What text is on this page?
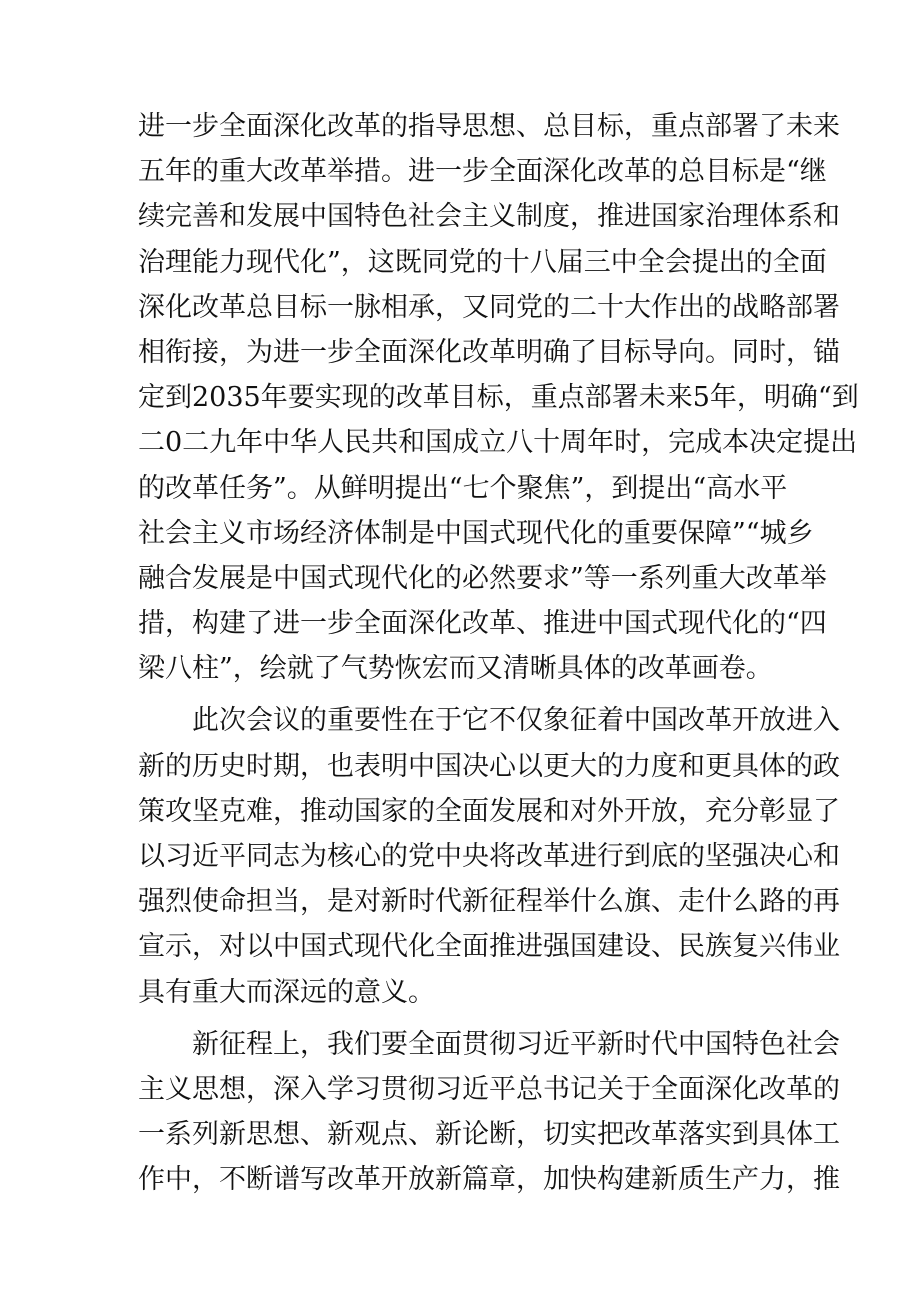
进一步全面深化改革的指导思想、总目标，重点部署了未来
五年的重大改革举措。进一步全面深化改革的总目标是“继
续完善和发展中国特色社会主义制度，推进国家治理体系和
治理能力现代化”，这既同党的十八届三中全会提出的全面
深化改革总目标一脉相承，又同党的二十大作出的战略部署
相衔接，为进一步全面深化改革明确了目标导向。同时，锚
定到2035年要实现的改革目标，重点部署未来5年，明确“到
二0二九年中华人民共和国成立八十周年时，完成本决定提出
的改革任务”。从鲜明提出“七个聚焦”，到提出“高水平
社会主义市场经济体制是中国式现代化的重要保障”“城乡
融合发展是中国式现代化的必然要求”等一系列重大改革举
措，构建了进一步全面深化改革、推进中国式现代化的“四
梁八柱”，绘就了气势恢宏而又清晰具体的改革画卷。
此次会议的重要性在于它不仅象征着中国改革开放进入
新的历史时期，也表明中国决心以更大的力度和更具体的政
策攻坚克难，推动国家的全面发展和对外开放，充分彰显了
以习近平同志为核心的党中央将改革进行到底的坚强决心和
强烈使命担当，是对新时代新征程举什么旗、走什么路的再
宣示，对以中国式现代化全面推进强国建设、民族复兴伟业
具有重大而深远的意义。
新征程上，我们要全面贯彻习近平新时代中国特色社会
主义思想，深入学习贯彻习近平总书记关于全面深化改革的
一系列新思想、新观点、新论断，切实把改革落实到具体工
作中，不断谱写改革开放新篇章，加快构建新质生产力，推
